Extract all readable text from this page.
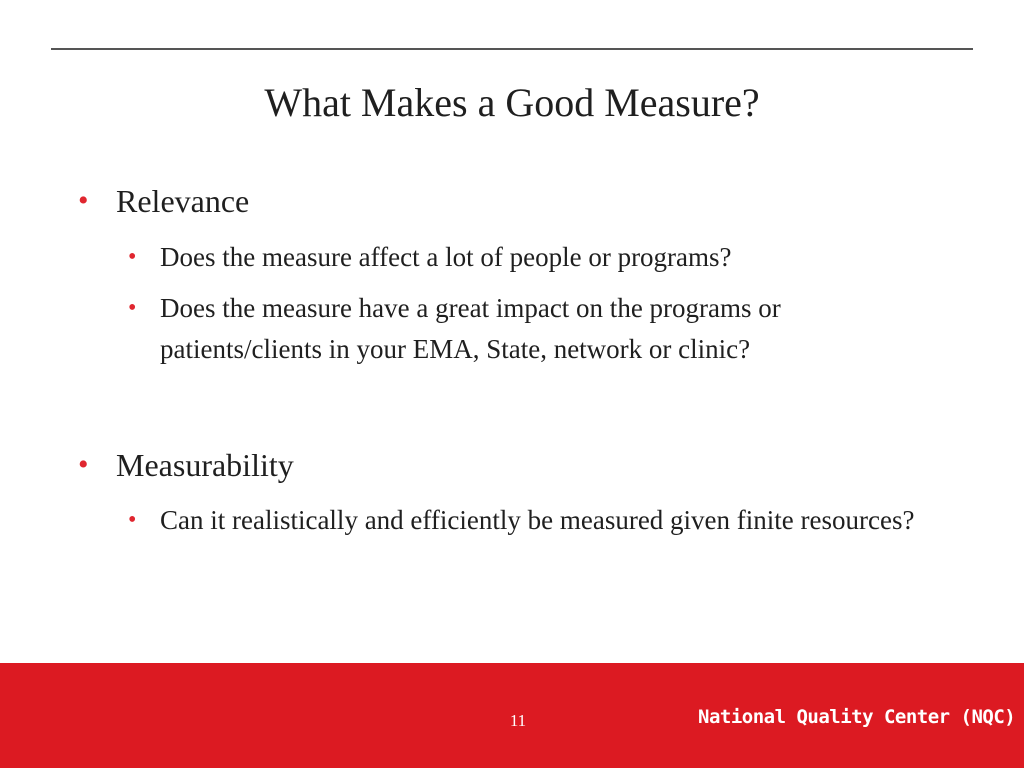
What Makes a Good Measure?
• Relevance
• Does the measure affect a lot of people or programs?
• Does the measure have a great impact on the programs or patients/clients in your EMA, State, network or clinic?
• Measurability
• Can it realistically and efficiently be measured given finite resources?
11	National Quality Center (NQC)
